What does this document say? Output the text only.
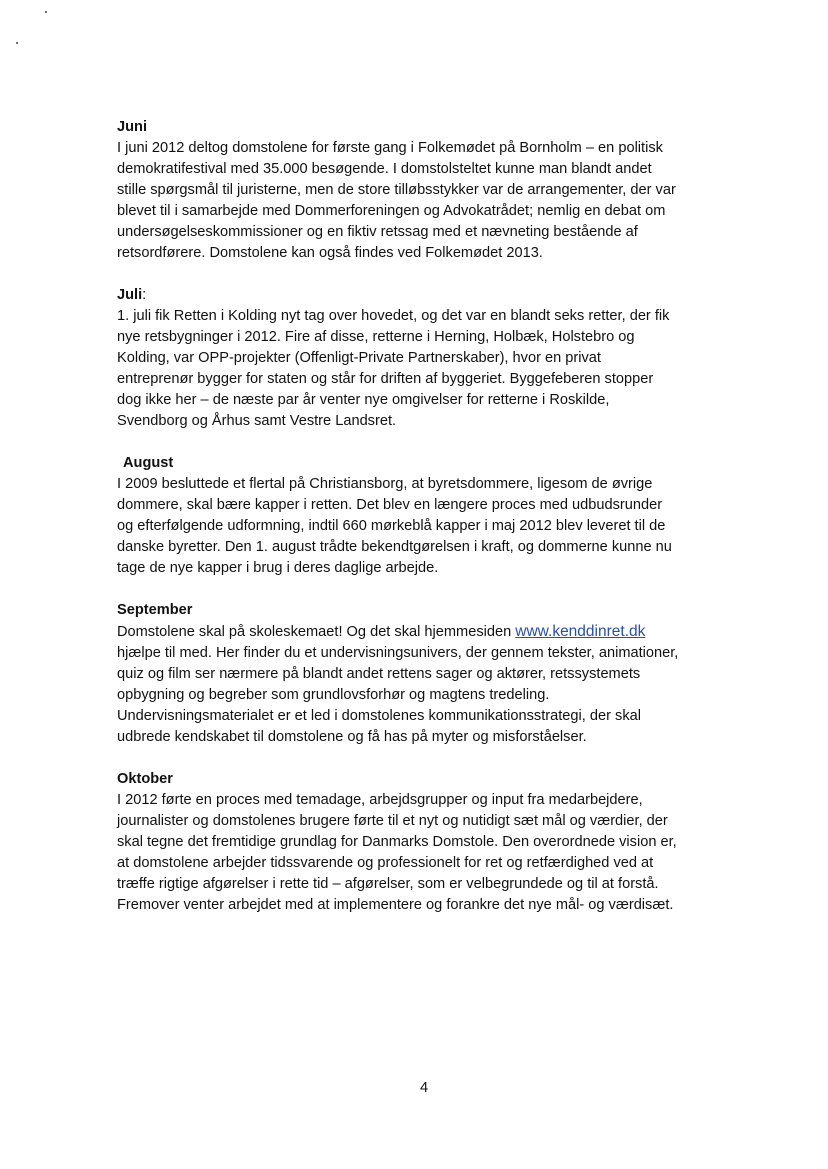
Juni
I juni 2012 deltog domstolene for første gang i Folkemødet på Bornholm – en politisk
demokratifestival med 35.000 besøgende. I domstolsteltet kunne man blandt andet
stille spørgsmål til juristerne, men de store tilløbsstykker var de arrangementer, der var
blevet til i samarbejde med Dommerforeningen og Advokatrådet; nemlig en debat om
undersøgelseskommissioner og en fiktiv retssag med et nævneting bestående af
retsordførere. Domstolene kan også findes ved Folkemødet 2013.
Juli:
1. juli fik Retten i Kolding nyt tag over hovedet, og det var en blandt seks retter, der fik
nye retsbygninger i 2012. Fire af disse, retterne i Herning, Holbæk, Holstebro og
Kolding, var OPP-projekter (Offenligt-Private Partnerskaber), hvor en privat
entreprenør bygger for staten og står for driften af byggeriet. Byggefeberen stopper
dog ikke her – de næste par år venter nye omgivelser for retterne i Roskilde,
Svendborg og Århus samt Vestre Landsret.
August
I 2009 besluttede et flertal på Christiansborg, at byretsdommere, ligesom de øvrige
dommere, skal bære kapper i retten. Det blev en længere proces med udbudsrunder
og efterfølgende udformning, indtil 660 mørkeblå kapper i maj 2012 blev leveret til de
danske byretter. Den 1. august trådte bekendtgørelsen i kraft, og dommerne kunne nu
tage de nye kapper i brug i deres daglige arbejde.
September
Domstolene skal på skoleskemaet! Og det skal hjemmesiden www.kenddinret.dk
hjælpe til med. Her finder du et undervisningsunivers, der gennem tekster, animationer,
quiz og film ser nærmere på blandt andet rettens sager og aktører, retssystemets
opbygning og begreber som grundlovsforhør og magtens tredeling.
Undervisningsmaterialet er et led i domstolenes kommunikationsstrategi, der skal
udbrede kendskabet til domstolene og få has på myter og misforståelser.
Oktober
I 2012 førte en proces med temadage, arbejdsgrupper og input fra medarbejdere,
journalister og domstolenes brugere førte til et nyt og nutidigt sæt mål og værdier, der
skal tegne det fremtidige grundlag for Danmarks Domstole. Den overordnede vision er,
at domstolene arbejder tidssvarende og professionelt for ret og retfærdighed ved at
træffe rigtige afgørelser i rette tid – afgørelser, som er velbegrundede og til at forstå.
Fremover venter arbejdet med at implementere og forankre det nye mål- og værdisæt.
4
